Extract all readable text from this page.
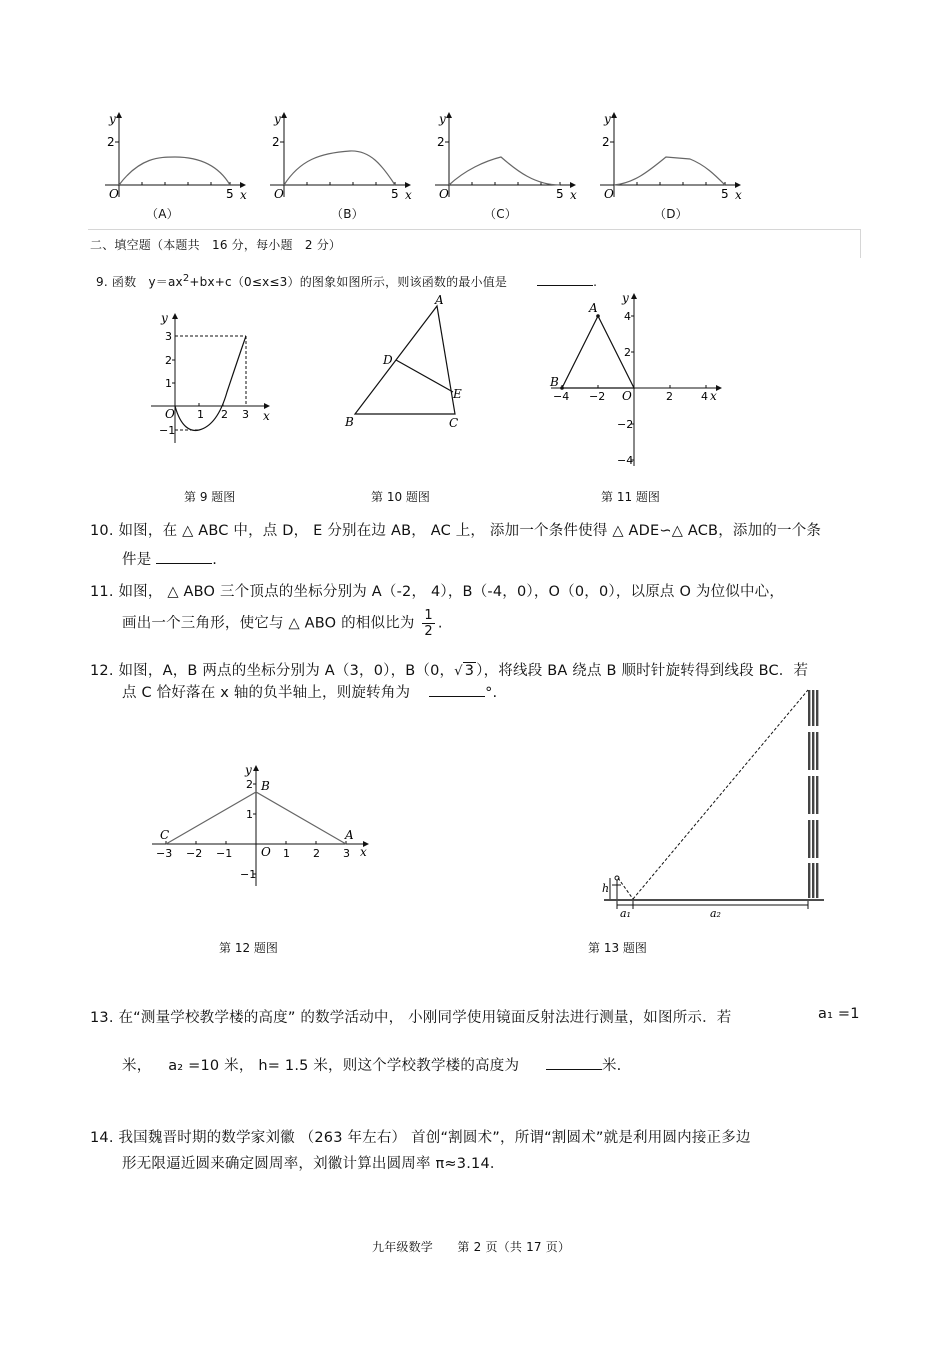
y
2
O	5 x
y
2
O	5 x
y
2
O	5 x
y
2
O	5 x
（A）	（B）	（C）	（D）
二、填空题（本题共　16 分，每小题　2 分）
9. 函数　$y=ax^2+bx+c(0\le x\le 3)$的图象如图所示，则该函数的最小值是	.
y
x
O
3
2
1
−1
1 2 3
A
B	C
D
E
y
x
A
B
O
4
2
−2
−4
−4 −2	2	4
第 9 题图	第 10 题图	第 11 题图
10. 如图，在 △ ABC 中，点 D， E 分别在边 AB， AC 上， 添加一个条件使得 △ ADE∽△ ACB，添加的一个条
件是	.
11. 如图， △ ABO 三个顶点的坐标分别为 A（-2， 4），B（-4，0），O（0，0），以原点 O 为位似中心，
画出一个三角形，使它与 △ ABO 的相似比为 $\frac{1}{2}$ .
12. 如图，A，B 两点的坐标分别为 A（3，0），B（0，√ 3 ），将线段 BA 绕点 B 顺时针旋转得到线段 BC．若
点 C 恰好落在 x 轴的负半轴上，则旋转角为	°.
y
x
B
C	A
O
2
1
−1
−3 −2 −1	1 2 3
h
a₁	a₂
第 12 题图	第 13 题图
13. 在“测量学校教学楼的高度” 的数学活动中， 小刚同学使用镜面反射法进行测量，如图所示．若	a₁ =1
米， a₂ =10 米， h= 1.5 米，则这个学校教学楼的高度为	米.
14. 我国魏晋时期的数学家刘徽 （263 年左右） 首创“割圆术”，所谓“割圆术”就是利用圆内接正多边
形无限逼近圆来确定圆周率，刘徽计算出圆周率 π≈3.14．
九年级数学　　第 2 页（共 17 页）
